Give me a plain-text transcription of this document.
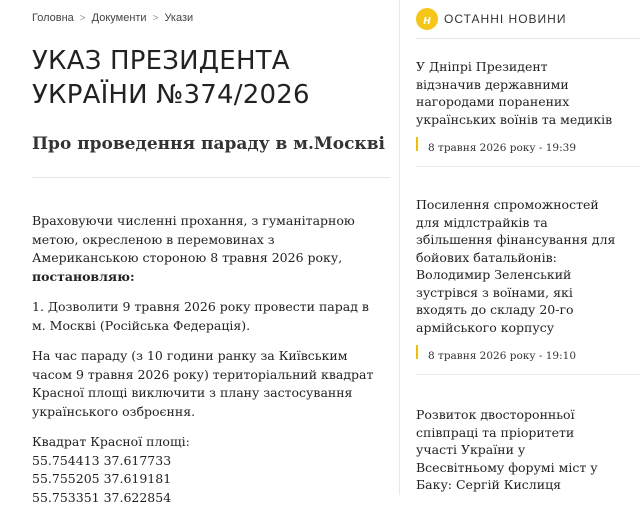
Головна > Документи > Укази
УКАЗ ПРЕЗИДЕНТА УКРАЇНИ №374/2026
Про проведення параду в м.Москві

Враховуючи численні прохання, з гуманітарною метою, окресленою в перемовинах з Американською стороною 8 травня 2026 року, постановляю:

1. Дозволити 9 травня 2026 року провести парад в м. Москві (Російська Федерація).

На час параду (з 10 години ранку за Київським часом 9 травня 2026 року) територіальний квадрат Красної площі виключити з плану застосування українського озброєння.

Квадрат Красної площі:
55.754413 37.617733
55.755205 37.619181
55.753351 37.622854

н	ОСТАННІ НОВИНИ
У Дніпрі Президент відзначив державними нагородами поранених українських воїнів та медиків
8 травня 2026 року - 19:39
Посилення спроможностей для мідлстрайків та збільшення фінансування для бойових батальйонів: Володимир Зеленський зустрівся з воїнами, які входять до складу 20-го армійського корпусу
8 травня 2026 року - 19:10
Розвиток двосторонньої співпраці та пріоритети участі України у Всесвітньому форумі міст у Баку: Сергій Кислиця
